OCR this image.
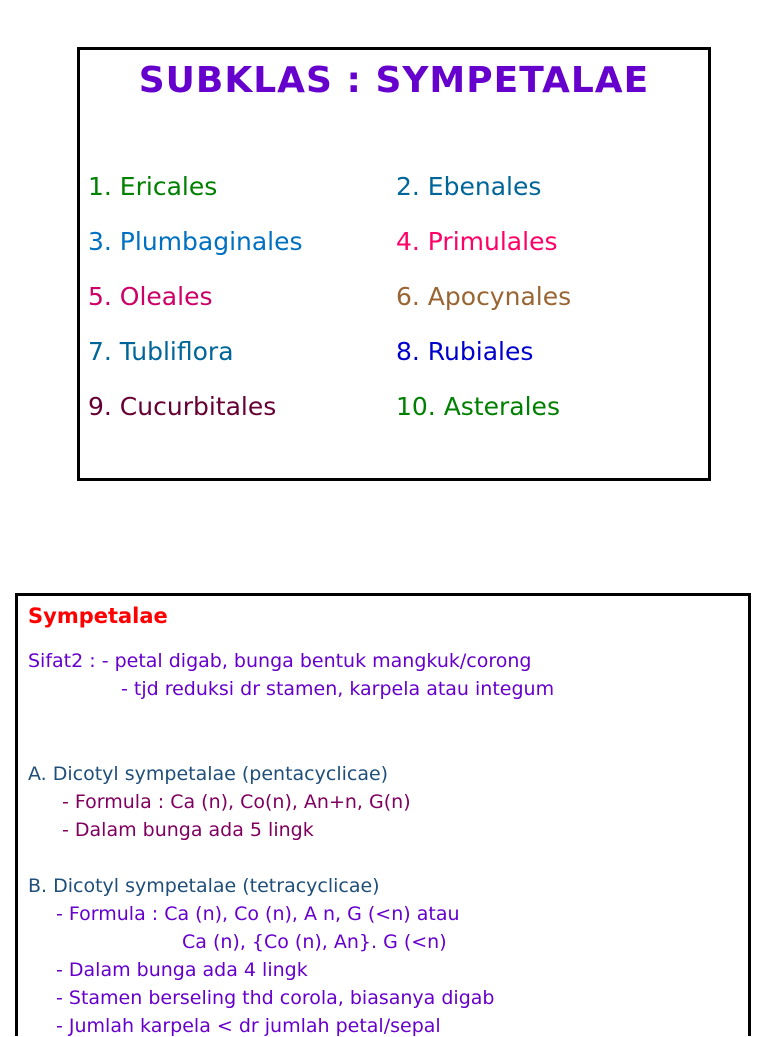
SUBKLAS : SYMPETALAE
1. Ericales	2. Ebenales
3. Plumbaginales	4. Primulales
5. Oleales	6. Apocynales
7. Tubliflora	8. Rubiales
9. Cucurbitales	10. Asterales
Sympetalae
Sifat2 : - petal digab, bunga bentuk mangkuk/corong
- tjd reduksi dr stamen, karpela atau integum
A. Dicotyl sympetalae (pentacyclicae)
- Formula : Ca (n), Co(n), An+n, G(n)
- Dalam bunga ada 5 lingk
B. Dicotyl sympetalae (tetracyclicae)
- Formula : Ca (n), Co (n), A n, G (<n) atau
Ca (n), {Co (n), An}. G (<n)
- Dalam bunga ada 4 lingk
- Stamen berseling thd corola, biasanya digab
- Jumlah karpela < dr jumlah petal/sepal
